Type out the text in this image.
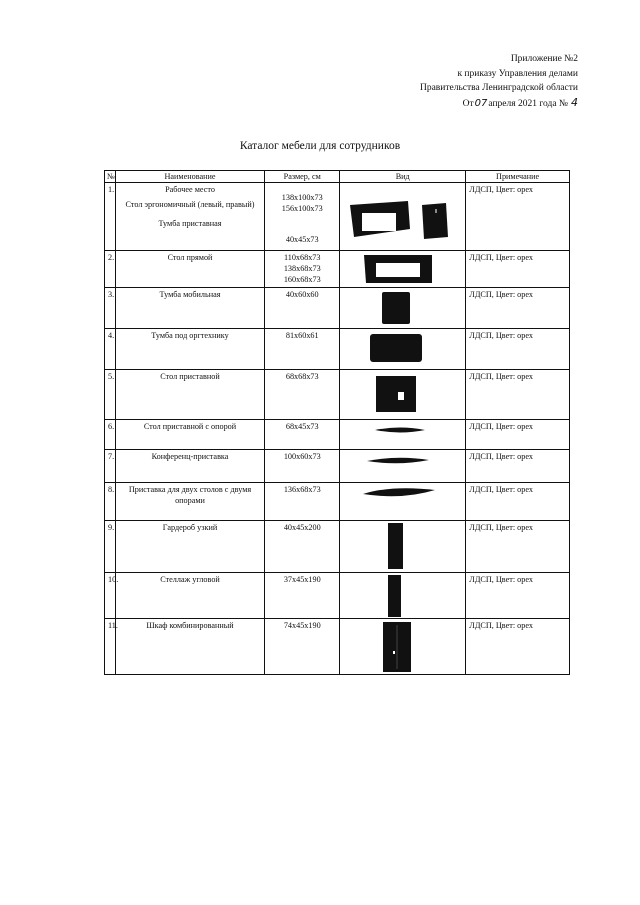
Приложение №2
к приказу Управления делами
Правительства Ленинградской области
От07апреля 2021 года № 4
Каталог мебели для сотрудников
№	Наименование	Размер, см	Вид	Примечание
1.	Рабочее место
Стол эргономичный (левый, правый)
Тумба приставная	138x100x73
156x100x73
40x45x73		ЛДСП, Цвет: орех
2.	Стол прямой	110x68x73
138x68x73
160x68x73		ЛДСП, Цвет: орех
3.	Тумба мобильная	40x60x60		ЛДСП, Цвет: орех
4.	Тумба под оргтехнику	81x60x61		ЛДСП, Цвет: орех
5.	Стол приставной	68x68x73		ЛДСП, Цвет: орех
6.	Стол приставной с опорой	68x45x73		ЛДСП, Цвет: орех
7.	Конференц-приставка	100x60x73		ЛДСП, Цвет: орех
8.	Приставка для двух столов с двумя опорами	136x68x73		ЛДСП, Цвет: орех
9.	Гардероб узкий	40x45x200		ЛДСП, Цвет: орех
10.	Стеллаж угловой	37x45x190		ЛДСП, Цвет: орех
11.	Шкаф комбинированный	74x45x190		ЛДСП, Цвет: орех
